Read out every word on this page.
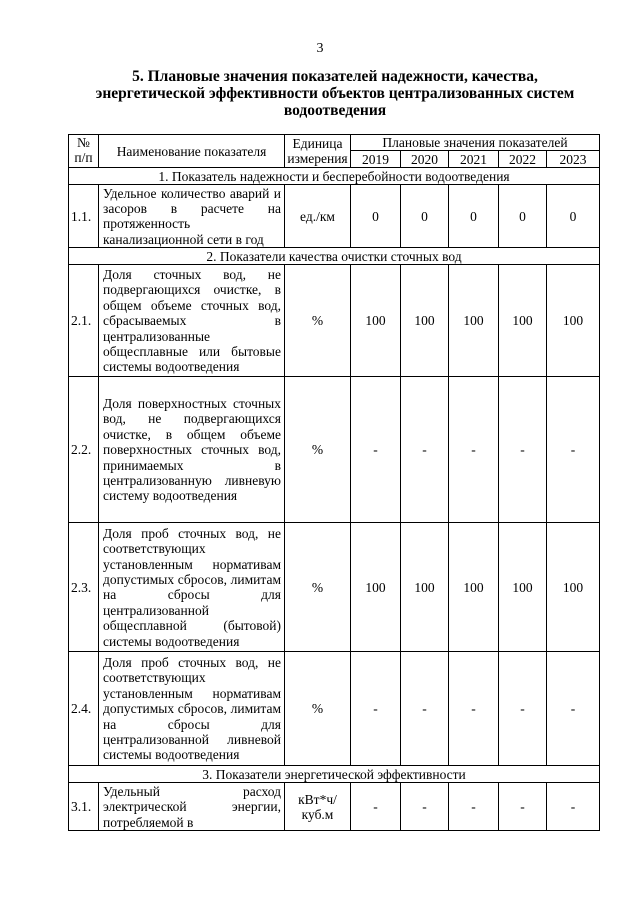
3
5. Плановые значения показателей надежности, качества,
энергетической эффективности объектов централизованных систем
водоотведения
№ п/п	Наименование показателя	Единица измерения	Плановые значения показателей				
			2019	2020	2021	2022	2023
1. Показатель надежности и бесперебойности водоотведения							
1.1.	Удельное количество аварий и засоров в расчете на протяженность канализационной сети в год	ед./км	0	0	0	0	0
2. Показатели качества очистки сточных вод							
2.1.	Доля сточных вод, не подвергающихся очистке, в общем объеме сточных вод, сбрасываемых в централизованные общесплавные или бытовые системы водоотведения	%	100	100	100	100	100
2.2.	Доля поверхностных сточных вод, не подвергающихся очистке, в общем объеме поверхностных сточных вод, принимаемых в централизованную ливневую систему водоотведения	%	-	-	-	-	-
2.3.	Доля проб сточных вод, не соответствующих установленным нормативам допустимых сбросов, лимитам на сбросы для централизованной общесплавной (бытовой) системы водоотведения	%	100	100	100	100	100
2.4.	Доля проб сточных вод, не соответствующих установленным нормативам допустимых сбросов, лимитам на сбросы для централизованной ливневой системы водоотведения	%	-	-	-	-	-
3. Показатели энергетической эффективности							
3.1.	Удельный расход электрической энергии, потребляемой в	кВт*ч/ куб.м	-	-	-	-	-
